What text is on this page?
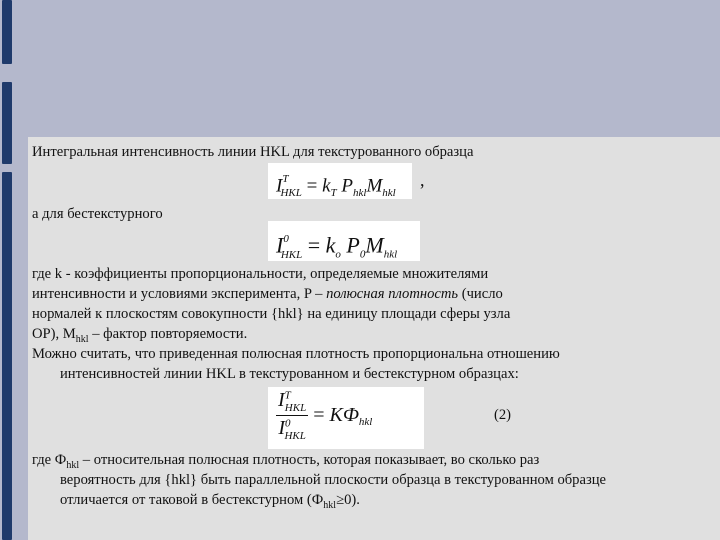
Интегральная интенсивность линии HKL для текстурованного образца
$I^T_{HKL} = k_T$ $P_{hkl}M_{hkl}$
,
а для бестекстурного
$I^0_{HKL} = k_o$ $P_0M_{hkl}$
где k - коэффициенты пропорциональности, определяемые множителями
интенсивности и условиями эксперимента, P – полюсная плотность (число
нормалей к плоскостям совокупности {hkl} на единицу площади сферы узла
ОР), $M_{hkl}$ – фактор повторяемости.
Можно считать, что приведенная полюсная плотность пропорциональна отношению
интенсивностей линии HKL в текстурованном и бестекстурном образцах:
$\frac{I^T_{HKL}}{I^0_{HKL}} = KФ_{hkl}$	(2)
где $Ф_{hkl}$ – относительная полюсная плотность, которая показывает, во сколько раз
вероятность для {hkl} быть параллельной плоскости образца в текстурованном образце
отличается от таковой в бестекстурном $(Ф_{hkl}\ge 0)$.
